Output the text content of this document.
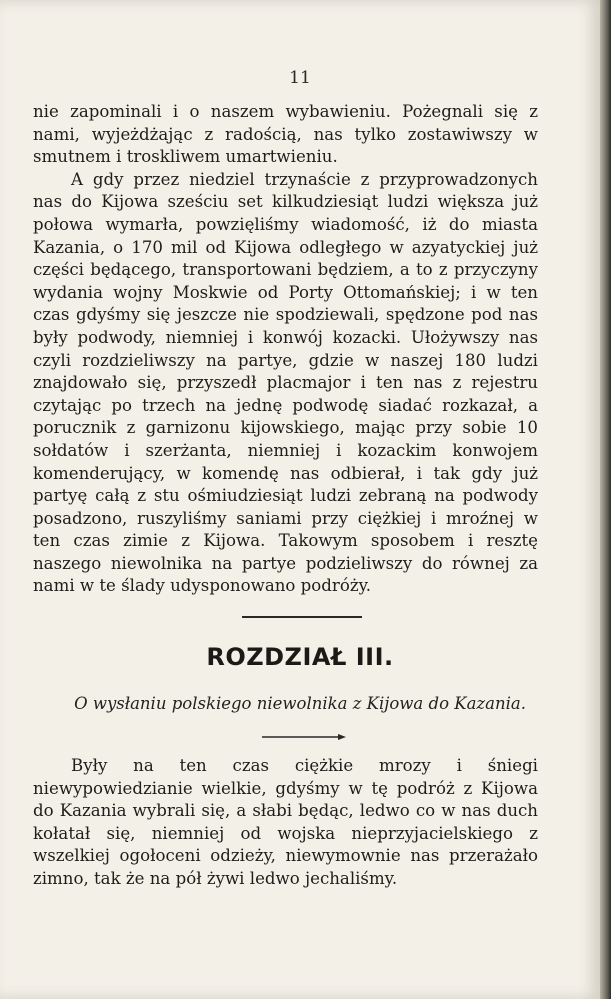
11

nie zapominali i o naszem wybawieniu. Pożegnali się z nami, wyjeżdżając z radością, nas tylko zostawiwszy w smutnem i troskliwem umartwieniu.

A gdy przez niedziel trzynaście z przyprowadzonych nas do Kijowa sześciu set kilkudziesiąt ludzi większa już połowa wymarła, powzięliśmy wiadomość, iż do miasta Kazania, o 170 mil od Kijowa odległego w azyatyckiej już części będącego, transportowani będziem, a to z przyczyny wydania wojny Moskwie od Porty Ottomańskiej; i w ten czas gdyśmy się jeszcze nie spodziewali, spędzone pod nas były podwody, niemniej i konwój kozacki. Ułożywszy nas czyli rozdzieliwszy na partye, gdzie w naszej 180 ludzi znajdowało się, przyszedł placmajor i ten nas z rejestru czytając po trzech na jednę podwodę siadać rozkazał, a porucznik z garnizonu kijowskiego, mając przy sobie 10 sołdatów i szerżanta, niemniej i kozackim konwojem komenderujący, w komendę nas odbierał, i tak gdy już partyę całą z stu ośmiudziesiąt ludzi zebraną na podwody posadzono, ruszyliśmy saniami przy ciężkiej i mroźnej w ten czas zimie z Kijowa. Takowym sposobem i resztę naszego niewolnika na partye podzieliwszy do równej za nami w te ślady udysponowano podróży.

ROZDZIAŁ III.
O wysłaniu polskiego niewolnika z Kijowa do Kazania.

Były na ten czas ciężkie mrozy i śniegi niewypowiedzianie wielkie, gdyśmy w tę podróż z Kijowa do Kazania wybrali się, a słabi będąc, ledwo co w nas duch kołatał się, niemniej od wojska nieprzyjacielskiego z wszelkiej ogołoceni odzieży, niewymownie nas przerażało zimno, tak że na pół żywi ledwo jechaliśmy.
